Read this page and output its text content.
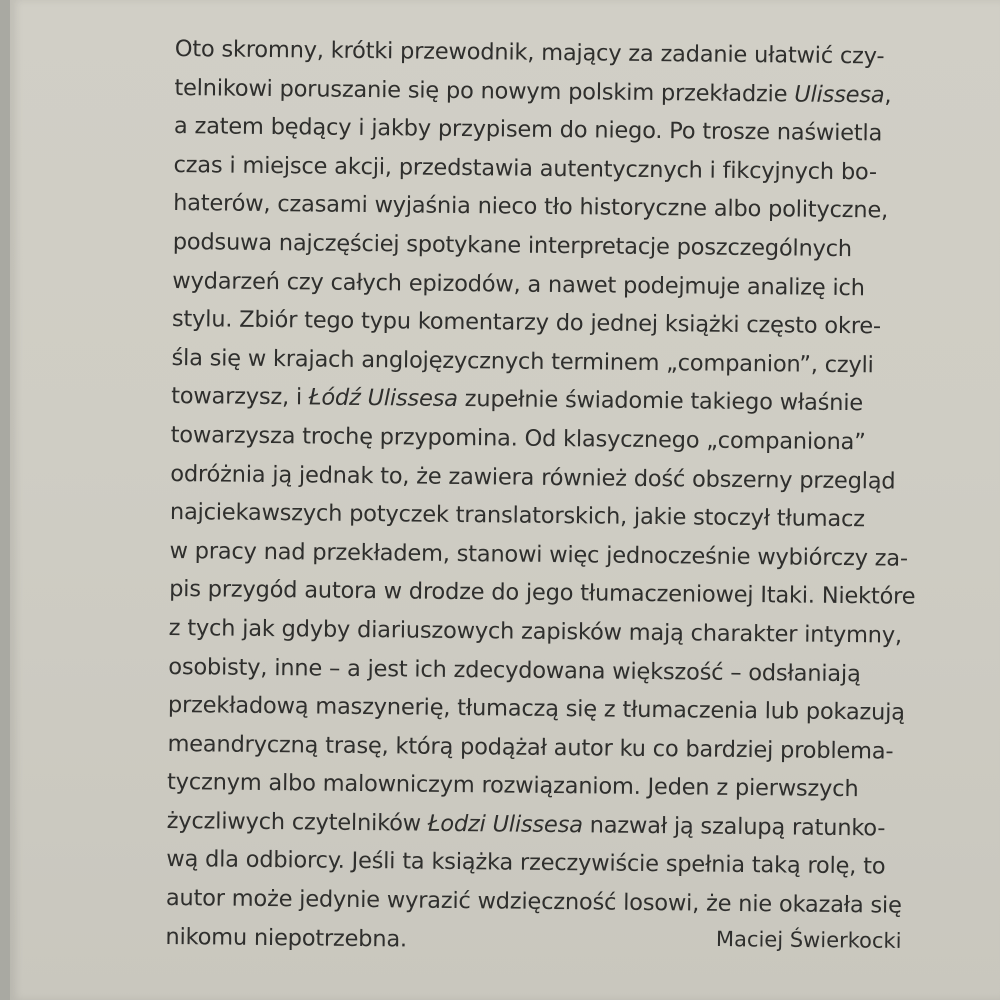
Oto skromny, krótki przewodnik, mający za zadanie ułatwić czy-
telnikowi poruszanie się po nowym polskim przekładzie Ulissesa,
a zatem będący i jakby przypisem do niego. Po trosze naświetla
czas i miejsce akcji, przedstawia autentycznych i fikcyjnych bo-
haterów, czasami wyjaśnia nieco tło historyczne albo polityczne,
podsuwa najczęściej spotykane interpretacje poszczególnych
wydarzeń czy całych epizodów, a nawet podejmuje analizę ich
stylu. Zbiór tego typu komentarzy do jednej książki często okre-
śla się w krajach anglojęzycznych terminem „companion”, czyli
towarzysz, i Łódź Ulissesa zupełnie świadomie takiego właśnie
towarzysza trochę przypomina. Od klasycznego „companiona”
odróżnia ją jednak to, że zawiera również dość obszerny przegląd
najciekawszych potyczek translatorskich, jakie stoczył tłumacz
w pracy nad przekładem, stanowi więc jednocześnie wybiórczy za-
pis przygód autora w drodze do jego tłumaczeniowej Itaki. Niektóre
z tych jak gdyby diariuszowych zapisków mają charakter intymny,
osobisty, inne – a jest ich zdecydowana większość – odsłaniają
przekładową maszynerię, tłumaczą się z tłumaczenia lub pokazują
meandryczną trasę, którą podążał autor ku co bardziej problema-
tycznym albo malowniczym rozwiązaniom. Jeden z pierwszych
życzliwych czytelników Łodzi Ulissesa nazwał ją szalupą ratunko-
wą dla odbiorcy. Jeśli ta książka rzeczywiście spełnia taką rolę, to
autor może jedynie wyrazić wdzięczność losowi, że nie okazała się
nikomu niepotrzebna.	Maciej Świerkocki
